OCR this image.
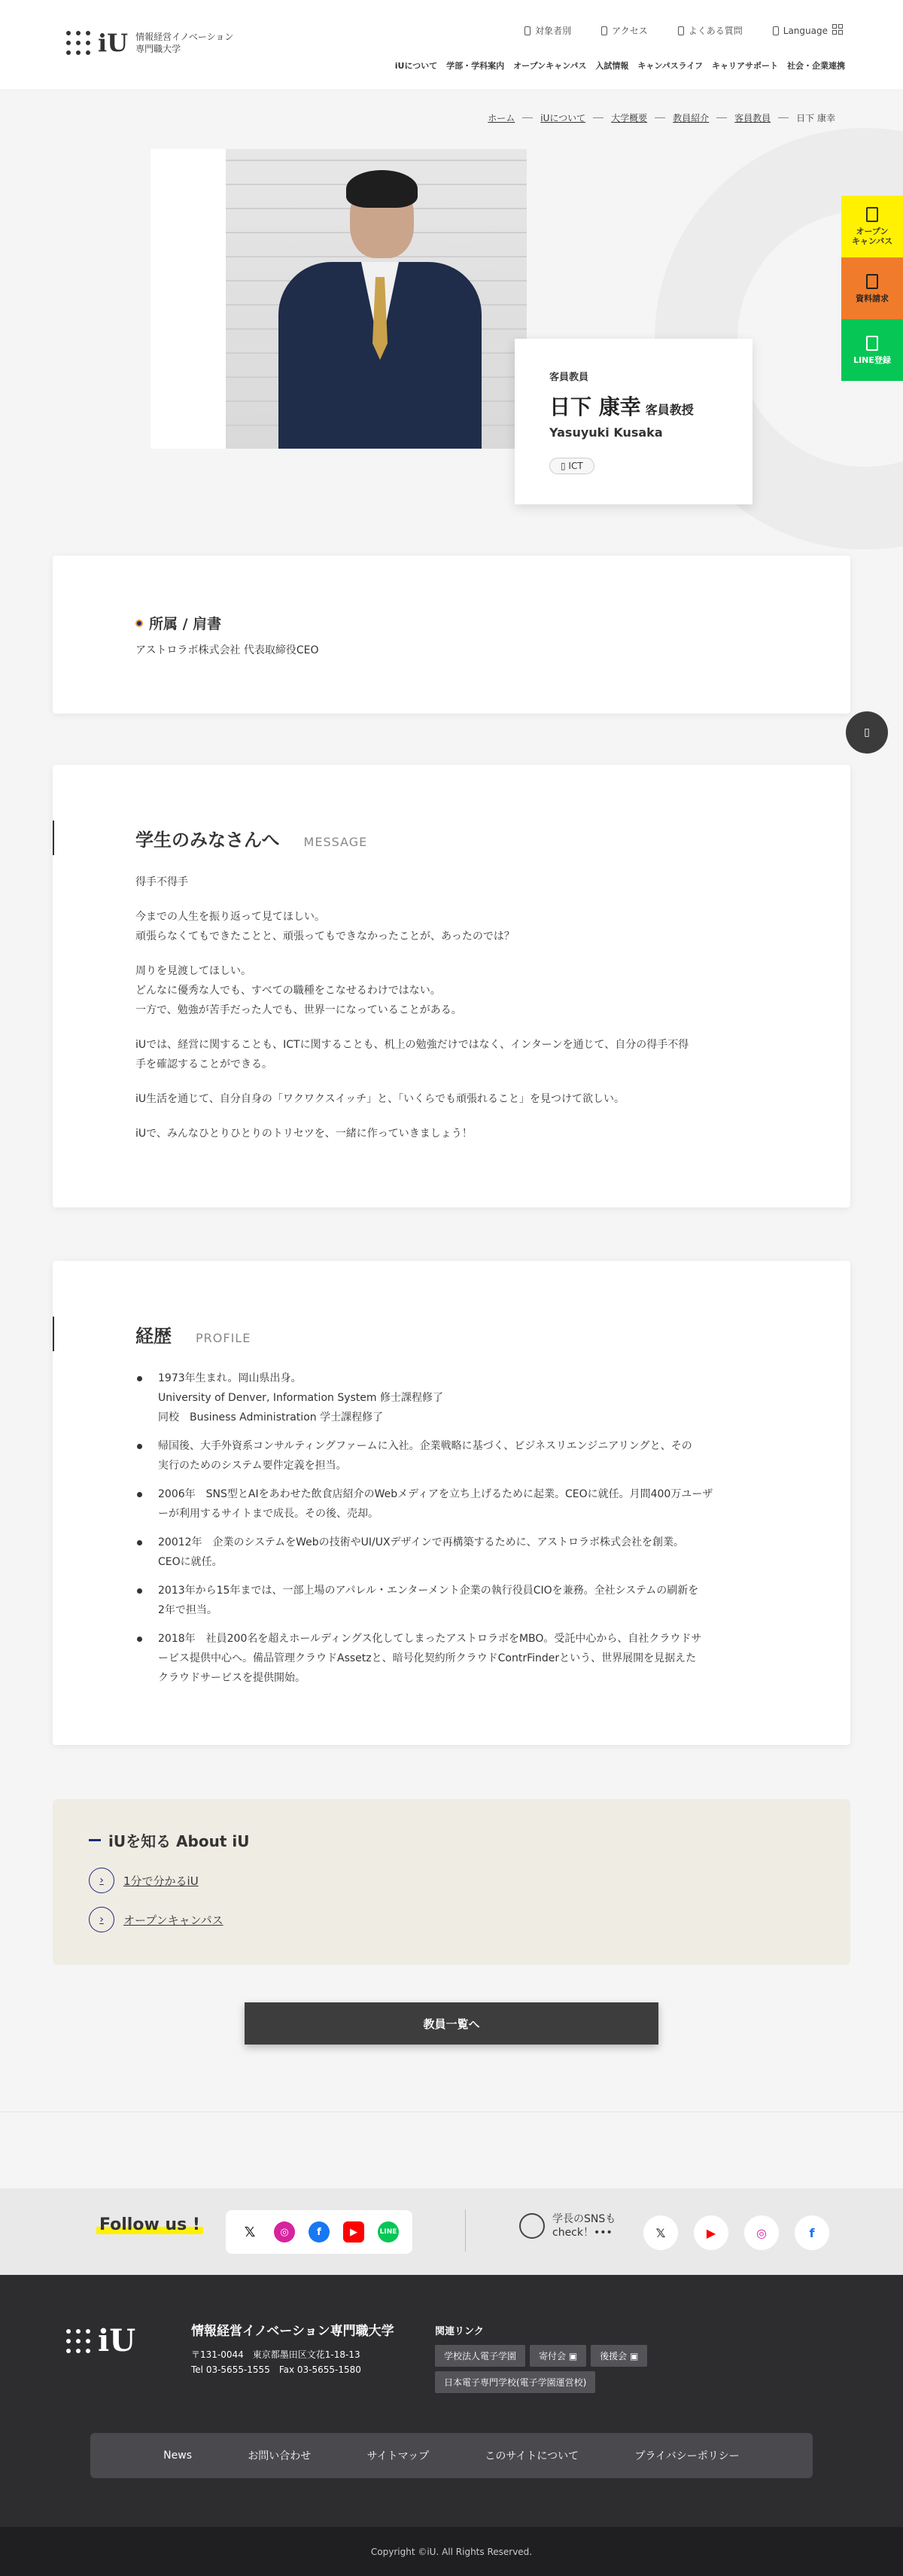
iU 情報経営イノベーション
専門職大学
対象者別	アクセス	よくある質問	Language
iUについて 学部・学科案内 オープンキャンパス 入試情報 キャンパスライフ キャリアサポート 社会・企業連携
ホーム	iUについて	大学概要	教員紹介	客員教員	日下 康幸
客員教員
日下 康幸 客員教授
Yasuyuki Kusaka
▯ ICT
オープン
キャンパス
資料請求
LINE登録
所属 / 肩書

アストロラボ株式会社 代表取締役CEO

▯
学生のみなさんへ MESSAGE

得手不得手

今までの人生を振り返って見てほしい。
頑張らなくてもできたことと、頑張ってもできなかったことが、あったのでは？

周りを見渡してほしい。
どんなに優秀な人でも、すべての職種をこなせるわけではない。
一方で、勉強が苦手だった人でも、世界一になっていることがある。

iUでは、経営に関することも、ICTに関することも、机上の勉強だけではなく、インターンを通じて、自分の得手不得
手を確認することができる。

iU生活を通じて、自分自身の「ワクワクスイッチ」と、「いくらでも頑張れること」を見つけて欲しい。

iUで、みんなひとりひとりのトリセツを、一緒に作っていきましょう！

経歴 PROFILE
1973年生まれ。岡山県出身。
University of Denver, Information System 修士課程修了
同校　Business Administration 学士課程修了
帰国後、大手外資系コンサルティングファームに入社。企業戦略に基づく、ビジネスリエンジニアリングと、その
実行のためのシステム要件定義を担当。
2006年　SNS型とAIをあわせた飲食店紹介のWebメディアを立ち上げるために起業。CEOに就任。月間400万ユーザ
ーが利用するサイトまで成長。その後、売却。
20012年　企業のシステムをWebの技術やUI/UXデザインで再構築するために、アストロラボ株式会社を創業。
CEOに就任。
2013年から15年までは、一部上場のアパレル・エンターメント企業の執行役員CIOを兼務。全社システムの刷新を
2年で担当。
2018年　社員200名を超えホールディングス化してしまったアストロラボをMBO。受託中心から、自社クラウドサ
ービス提供中心へ。備品管理クラウドAssetzと、暗号化契約所クラウドContrFinderという、世界展開を見据えた
クラウドサービスを提供開始。
iUを知る About iU
›	1分で分かるiU
›	オープンキャンパス
教員一覧へ
Follow us !	𝕏	◎	f	▶	LINE
学長のSNSも
check！•••	𝕏	▶	◎	f
iU	情報経営イノベーション専門職大学
〒131-0044　東京都墨田区文花1-18-13
Tel 03-5655-1555　Fax 03-5655-1580
関連リンク
学校法人電子学園	寄付会 ▣	後援会 ▣
日本電子専門学校(電子学園運営校)
News	お問い合わせ	サイトマップ	このサイトについて	プライバシーポリシー
Copyright ©iU. All Rights Reserved.
